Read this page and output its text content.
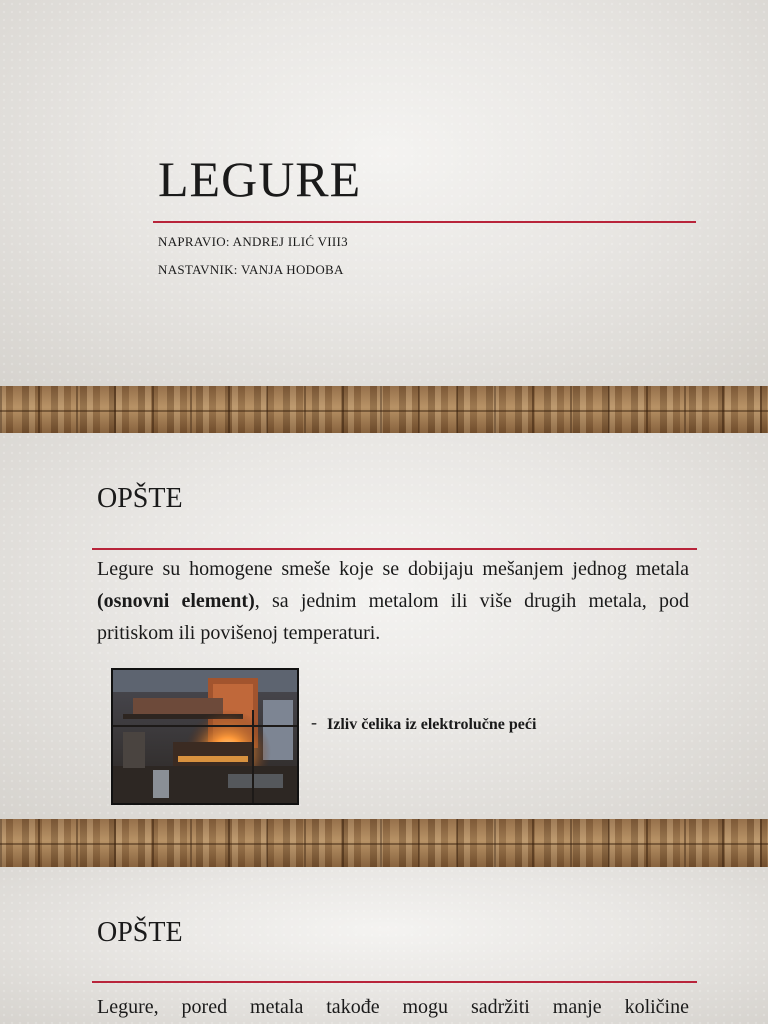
LEGURE
NAPRAVIO: ANDREJ ILIĆ VIII3
NASTAVNIK: VANJA HODOBA
OPŠTE
Legure su homogene smeše koje se dobijaju mešanjem jednog metala (osnovni element), sa jednim metalom ili više drugih metala, pod pritiskom ili povišenoj temperaturi.
- Izliv čelika iz elektrolučne peći
OPŠTE
Legure, pored metala takođe mogu sadržiti manje količine
